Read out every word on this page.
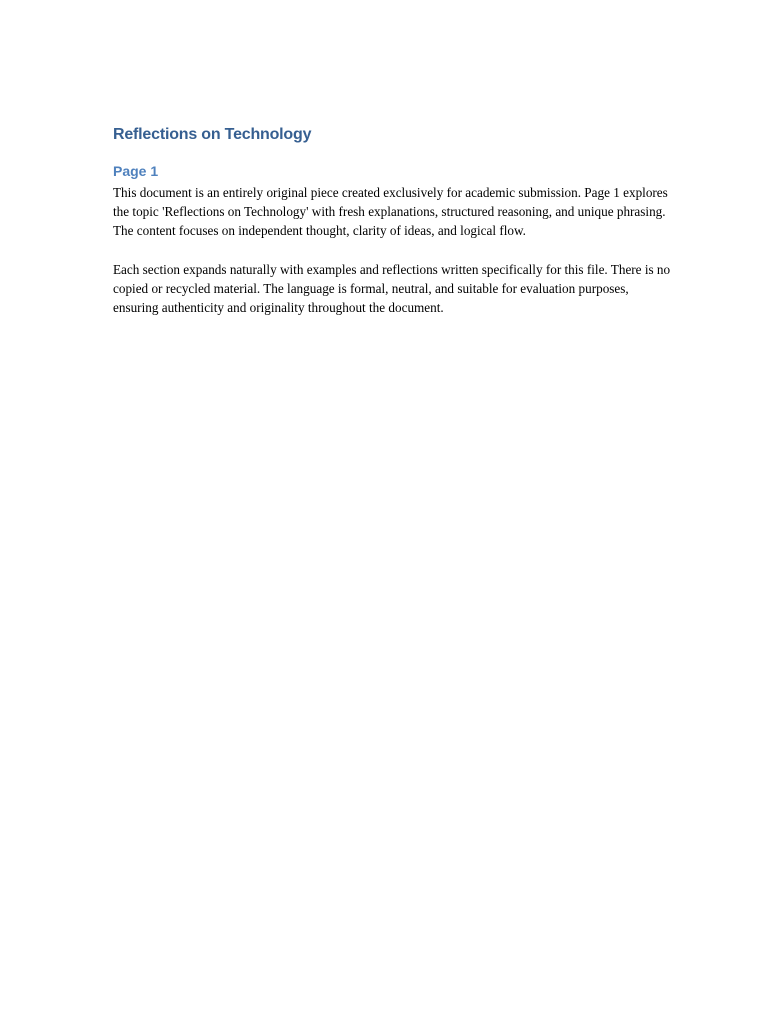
Reflections on Technology
Page 1

This document is an entirely original piece created exclusively for academic submission. Page 1 explores the topic 'Reflections on Technology' with fresh explanations, structured reasoning, and unique phrasing. The content focuses on independent thought, clarity of ideas, and logical flow.

Each section expands naturally with examples and reflections written specifically for this file. There is no copied or recycled material. The language is formal, neutral, and suitable for evaluation purposes, ensuring authenticity and originality throughout the document.
